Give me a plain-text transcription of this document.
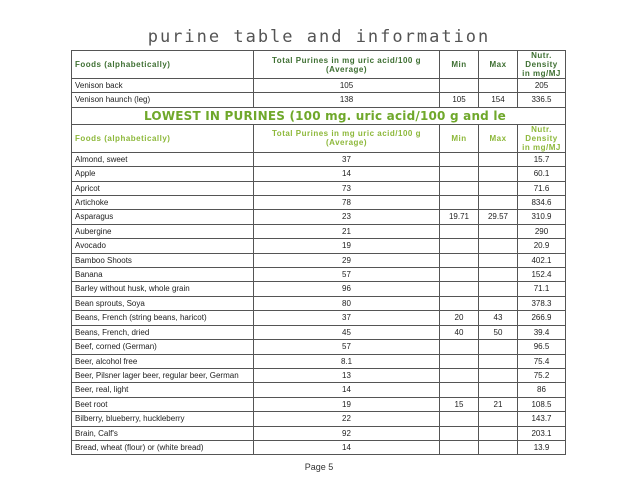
purine table and information
Foods (alphabetically)	Total Purines in mg uric acid/100 g (Average)	Min	Max	Nutr. Density in mg/MJ
Venison back	105			205
Venison haunch (leg)	138	105	154	336.5
LOWEST IN PURINES (100 mg. uric acid/100 g and le				
Foods (alphabetically)	Total Purines in mg uric acid/100 g (Average)	Min	Max	Nutr. Density in mg/MJ
Almond, sweet	37			15.7
Apple	14			60.1
Apricot	73			71.6
Artichoke	78			834.6
Asparagus	23	19.71	29.57	310.9
Aubergine	21			290
Avocado	19			20.9
Bamboo Shoots	29			402.1
Banana	57			152.4
Barley without husk, whole grain	96			71.1
Bean sprouts, Soya	80			378.3
Beans, French (string beans, haricot)	37	20	43	266.9
Beans, French, dried	45	40	50	39.4
Beef, corned (German)	57			96.5
Beer, alcohol free	8.1			75.4
Beer, Pilsner lager beer, regular beer, German	13			75.2
Beer, real, light	14			86
Beet root	19	15	21	108.5
Bilberry, blueberry, huckleberry	22			143.7
Brain, Calf's	92			203.1
Bread, wheat (flour) or (white bread)	14			13.9
Page 5
